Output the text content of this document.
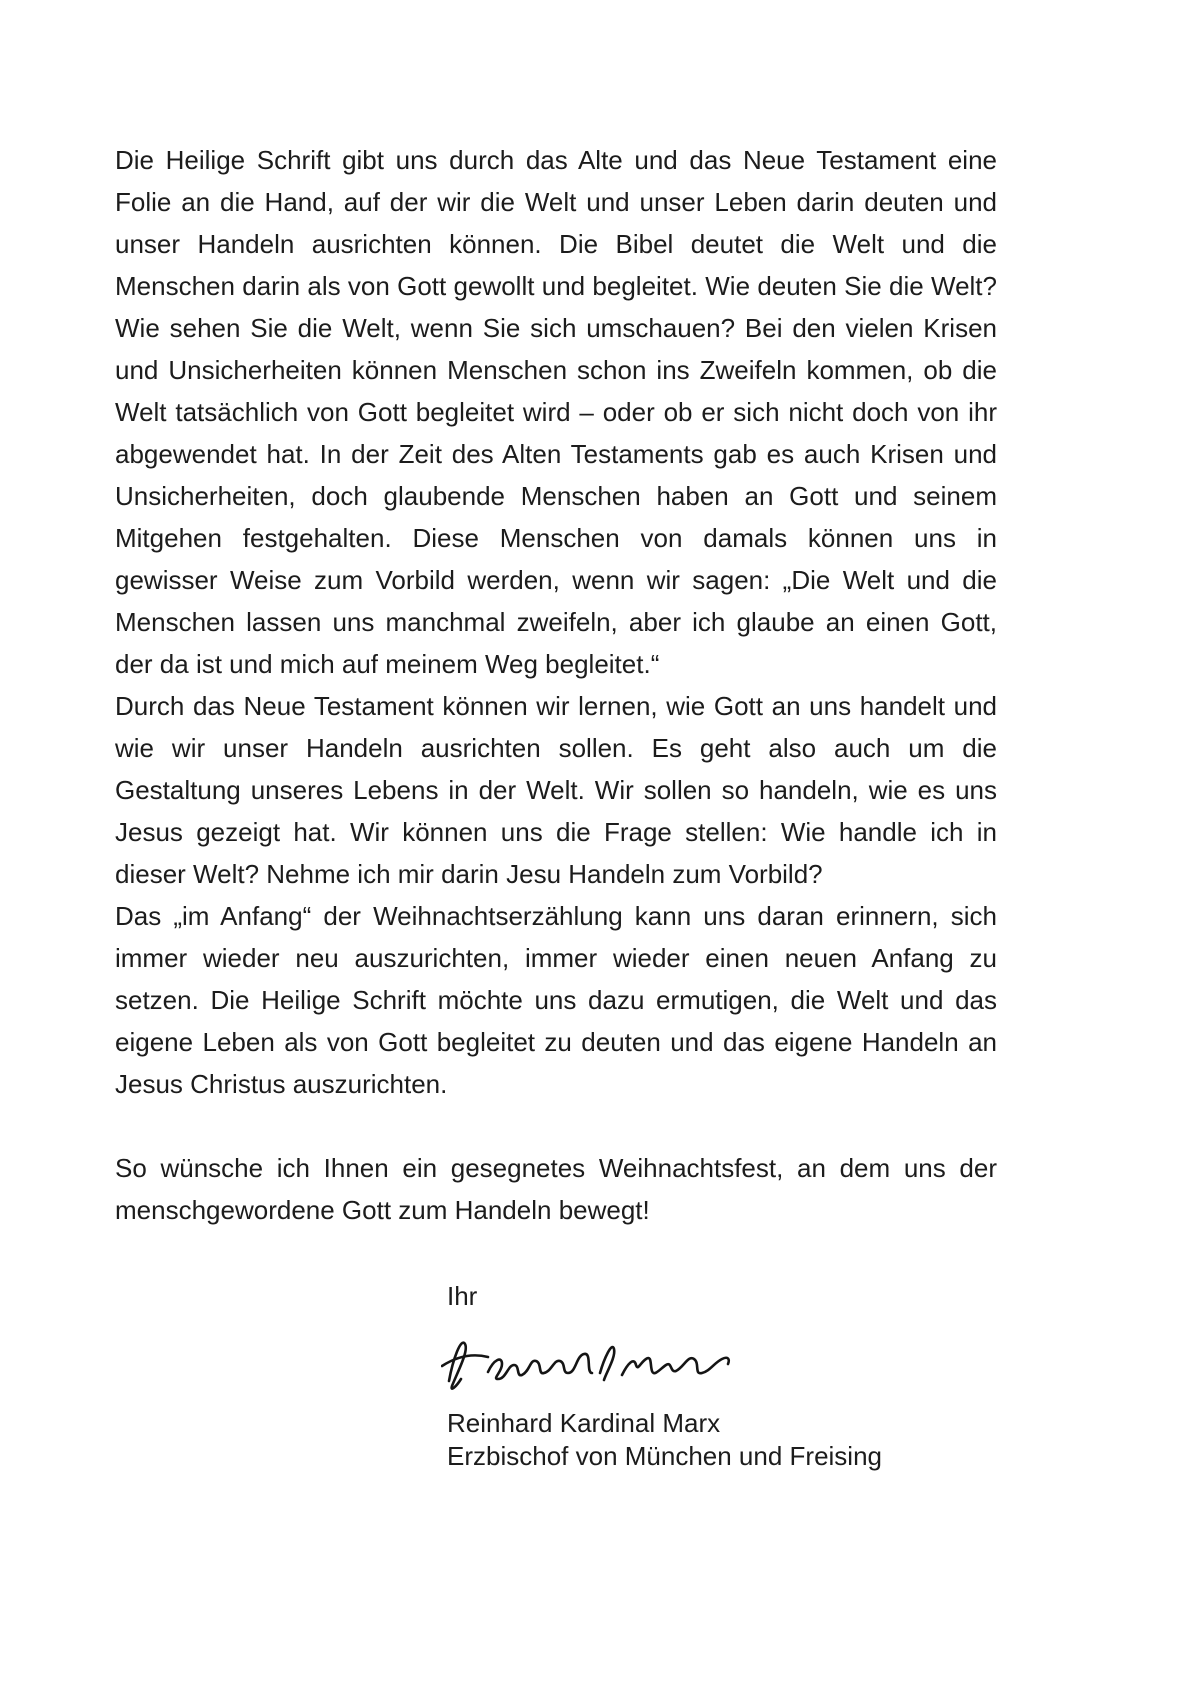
Die Heilige Schrift gibt uns durch das Alte und das Neue Testament eine Folie an die Hand, auf der wir die Welt und unser Leben darin deuten und unser Handeln ausrichten können. Die Bibel deutet die Welt und die Menschen darin als von Gott gewollt und begleitet. Wie deuten Sie die Welt? Wie sehen Sie die Welt, wenn Sie sich umschauen? Bei den vielen Krisen und Unsicherheiten können Menschen schon ins Zweifeln kommen, ob die Welt tatsächlich von Gott begleitet wird – oder ob er sich nicht doch von ihr abgewendet hat. In der Zeit des Alten Testaments gab es auch Krisen und Unsicherheiten, doch glaubende Menschen haben an Gott und seinem Mitgehen festgehalten. Diese Menschen von damals können uns in gewisser Weise zum Vorbild werden, wenn wir sagen: „Die Welt und die Menschen lassen uns manchmal zweifeln, aber ich glaube an einen Gott, der da ist und mich auf meinem Weg begleitet.“

Durch das Neue Testament können wir lernen, wie Gott an uns handelt und wie wir unser Handeln ausrichten sollen. Es geht also auch um die Gestaltung unseres Lebens in der Welt. Wir sollen so handeln, wie es uns Jesus gezeigt hat. Wir können uns die Frage stellen: Wie handle ich in dieser Welt? Nehme ich mir darin Jesu Handeln zum Vorbild?

Das „im Anfang“ der Weihnachtserzählung kann uns daran erinnern, sich immer wieder neu auszurichten, immer wieder einen neuen Anfang zu setzen. Die Heilige Schrift möchte uns dazu ermutigen, die Welt und das eigene Leben als von Gott begleitet zu deuten und das eigene Handeln an Jesus Christus auszurichten.

So wünsche ich Ihnen ein gesegnetes Weihnachtsfest, an dem uns der menschgewordene Gott zum Handeln bewegt!

Ihr
Reinhard Kardinal Marx
Erzbischof von München und Freising
